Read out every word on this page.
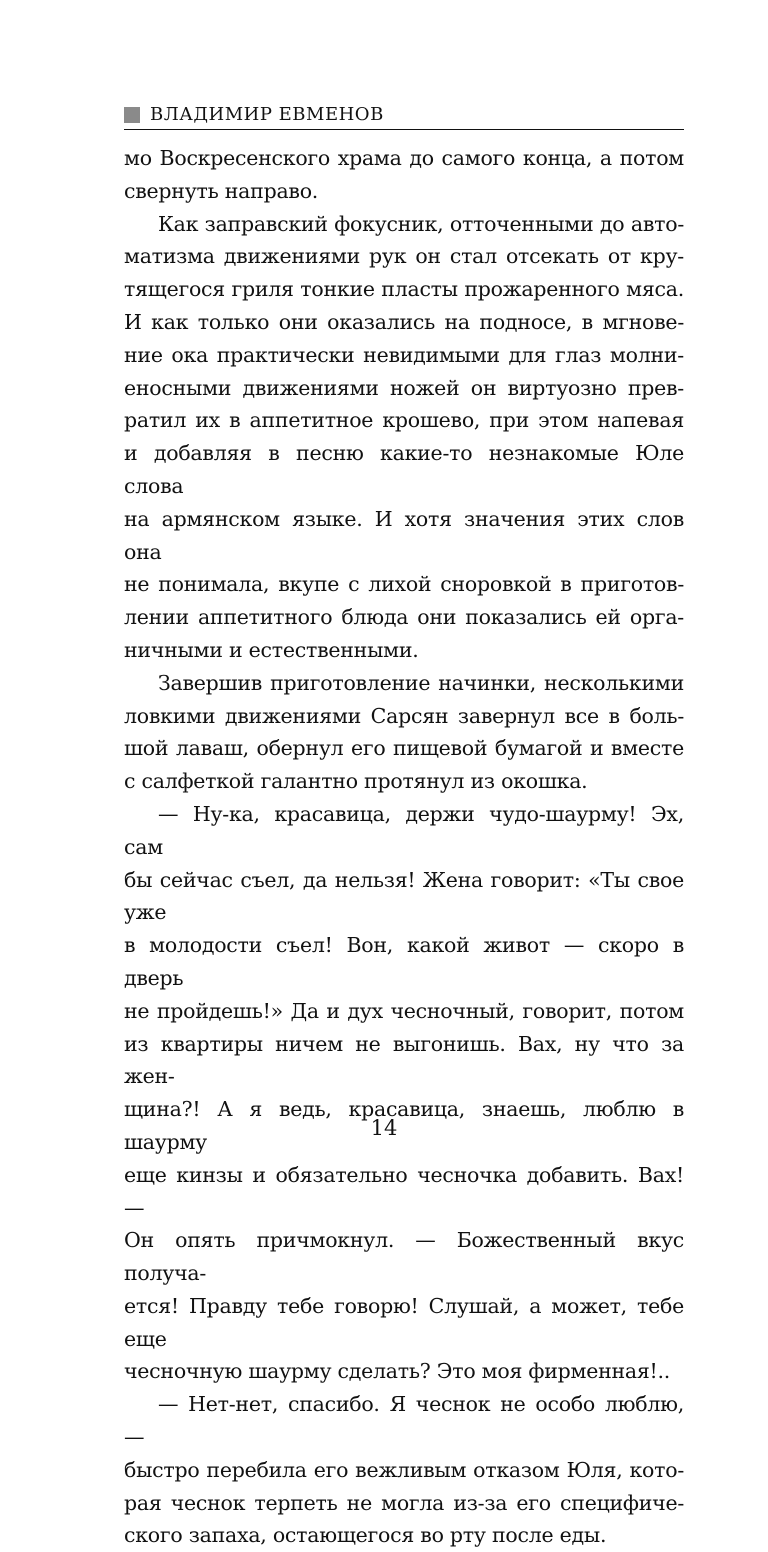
ВЛАДИМИР ЕВМЕНОВ

мо Воскресенского храма до самого конца, а потом

свернуть направо.

Как заправский фокусник, отточенными до авто-

матизма движениями рук он стал отсекать от кру-

тящегося гриля тонкие пласты прожаренного мяса.

И как только они оказались на подносе, в мгнове-

ние ока практически невидимыми для глаз молни-

еносными движениями ножей он виртуозно прев-

ратил их в аппетитное крошево, при этом напевая

и добавляя в песню какие-то незнакомые Юле слова

на армянском языке. И хотя значения этих слов она

не понимала, вкупе с лихой сноровкой в приготов-

лении аппетитного блюда они показались ей орга-

ничными и естественными.

Завершив приготовление начинки, несколькими

ловкими движениями Сарсян завернул все в боль-

шой лаваш, обернул его пищевой бумагой и вместе

с салфеткой галантно протянул из окошка.

— Ну-ка, красавица, держи чудо-шаурму! Эх, сам

бы сейчас съел, да нельзя! Жена говорит: «Ты свое уже

в молодости съел! Вон, какой живот — скоро в дверь

не пройдешь!» Да и дух чесночный, говорит, потом

из квартиры ничем не выгонишь. Вах, ну что за жен-

щина?! А я ведь, красавица, знаешь, люблю в шаурму

еще кинзы и обязательно чесночка добавить. Вах! —

Он опять причмокнул. — Божественный вкус получа-

ется! Правду тебе говорю! Слушай, а может, тебе еще

чесночную шаурму сделать? Это моя фирменная!..

— Нет-нет, спасибо. Я чеснок не особо люблю, —

быстро перебила его вежливым отказом Юля, кото-

рая чеснок терпеть не могла из-за его специфиче-

ского запаха, остающегося во рту после еды.

14
